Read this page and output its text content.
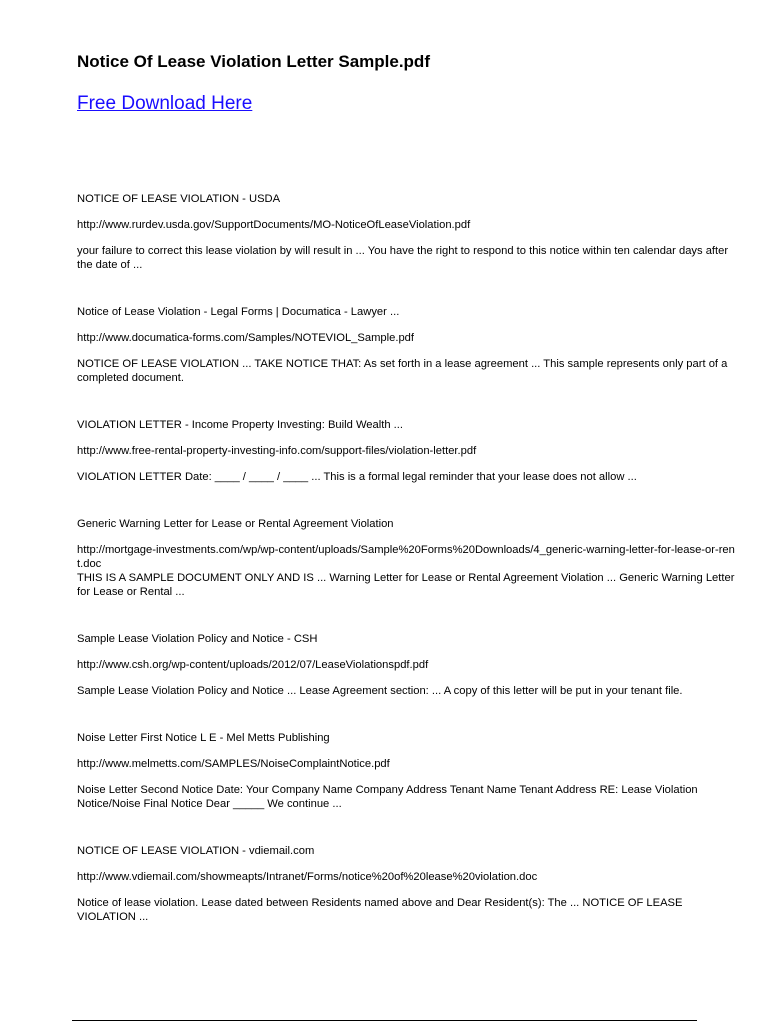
Notice Of Lease Violation Letter Sample.pdf
Free Download Here

NOTICE OF LEASE VIOLATION - USDA

http://www.rurdev.usda.gov/SupportDocuments/MO-NoticeOfLeaseViolation.pdf

your failure to correct this lease violation by will result in ... You have the right to respond to this notice within ten calendar days after the date of ...

Notice of Lease Violation - Legal Forms | Documatica - Lawyer ...

http://www.documatica-forms.com/Samples/NOTEVIOL_Sample.pdf

NOTICE OF LEASE VIOLATION ... TAKE NOTICE THAT: As set forth in a lease agreement ... This sample represents only part of a completed document.

VIOLATION LETTER - Income Property Investing: Build Wealth ...

http://www.free-rental-property-investing-info.com/support-files/violation-letter.pdf

VIOLATION LETTER Date: ____ / ____ / ____ ... This is a formal legal reminder that your lease does not allow ...

Generic Warning Letter for Lease or Rental Agreement Violation

http://mortgage-investments.com/wp/wp-content/uploads/Sample%20Forms%20Downloads/4_generic-warning-letter-for-lease-or-rent.doc

THIS IS A SAMPLE DOCUMENT ONLY AND IS ... Warning Letter for Lease or Rental Agreement Violation ... Generic Warning Letter for Lease or Rental ...

Sample Lease Violation Policy and Notice - CSH

http://www.csh.org/wp-content/uploads/2012/07/LeaseViolationspdf.pdf

Sample Lease Violation Policy and Notice ... Lease Agreement section: ... A copy of this letter will be put in your tenant file.

Noise Letter First Notice L E - Mel Metts Publishing

http://www.melmetts.com/SAMPLES/NoiseComplaintNotice.pdf

Noise Letter Second Notice Date: Your Company Name Company Address Tenant Name Tenant Address RE: Lease Violation Notice/Noise Final Notice Dear _____ We continue ...

NOTICE OF LEASE VIOLATION - vdiemail.com

http://www.vdiemail.com/showmeapts/Intranet/Forms/notice%20of%20lease%20violation.doc

Notice of lease violation. Lease dated between Residents named above and Dear Resident(s): The ... NOTICE OF LEASE VIOLATION ...
